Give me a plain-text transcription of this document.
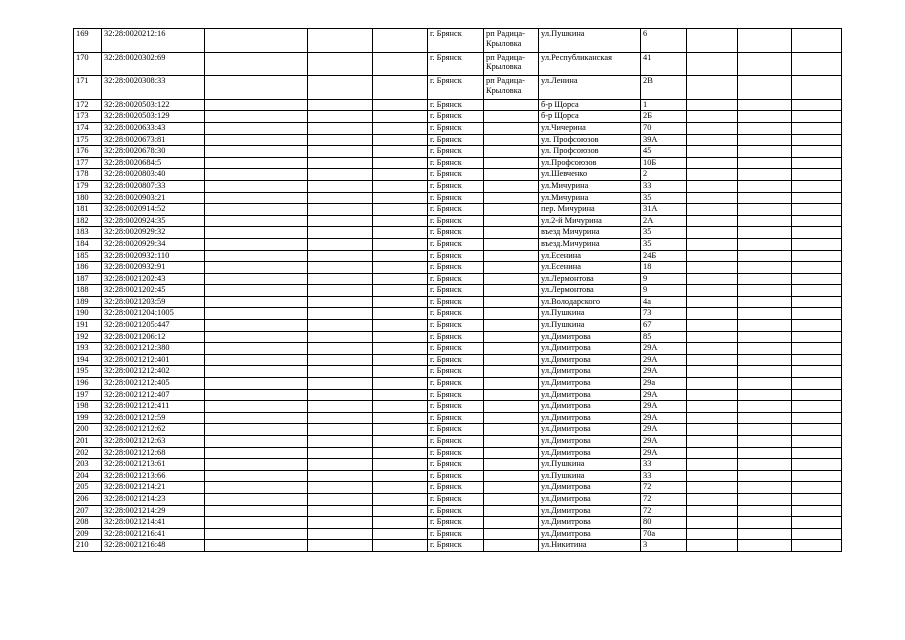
169	32:28:0020212:16				г. Брянск	рп Радица-Крыловка	ул.Пушкина	6			
170	32:28:0020302:69				г. Брянск	рп Радица-Крыловка	ул.Республиканская	41			
171	32:28:0020308:33				г. Брянск	рп Радица-Крыловка	ул.Ленина	2В			
172	32:28:0020503:122				г. Брянск		б-р Щорса	1			
173	32:28:0020503:129				г. Брянск		б-р Щорса	2Б			
174	32:28:0020633:43				г. Брянск		ул.Чичерина	70			
175	32:28:0020673:81				г. Брянск		ул. Профсоюзов	39А			
176	32:28:0020678:30				г. Брянск		ул. Профсоюзов	45			
177	32:28:0020684:5				г. Брянск		ул.Профсоюзов	10Б			
178	32:28:0020803:40				г. Брянск		ул.Шевченко	2			
179	32:28:0020807:33				г. Брянск		ул.Мичурина	33			
180	32:28:0020903:21				г. Брянск		ул.Мичурина	35			
181	32:28:0020914:52				г. Брянск		пер. Мичурина	31А			
182	32:28:0020924:35				г. Брянск		ул.2-й Мичурина	2А			
183	32:28:0020929:32				г. Брянск		въезд Мичурина	35			
184	32:28:0020929:34				г. Брянск		въезд.Мичурина	35			
185	32:28:0020932:110				г. Брянск		ул.Есенина	24Б			
186	32:28:0020932:91				г. Брянск		ул.Есенина	18			
187	32:28:0021202:43				г. Брянск		ул.Лермонтова	9			
188	32:28:0021202:45				г. Брянск		ул.Лермонтова	9			
189	32:28:0021203:59				г. Брянск		ул.Володарского	4а			
190	32:28:0021204:1005				г. Брянск		ул.Пушкина	73			
191	32:28:0021205:447				г. Брянск		ул.Пушкина	67			
192	32:28:0021206:12				г. Брянск		ул.Димитрова	85			
193	32:28:0021212:380				г. Брянск		ул.Димитрова	29А			
194	32:28:0021212:401				г. Брянск		ул.Димитрова	29А			
195	32:28:0021212:402				г. Брянск		ул.Димитрова	29А			
196	32:28:0021212:405				г. Брянск		ул.Димитрова	29а			
197	32:28:0021212:407				г. Брянск		ул.Димитрова	29А			
198	32:28:0021212:411				г. Брянск		ул.Димитрова	29А			
199	32:28:0021212:59				г. Брянск		ул.Димитрова	29А			
200	32:28:0021212:62				г. Брянск		ул.Димитрова	29А			
201	32:28:0021212:63				г. Брянск		ул.Димитрова	29А			
202	32:28:0021212:68				г. Брянск		ул.Димитрова	29А			
203	32:28:0021213:61				г. Брянск		ул.Пушкина	33			
204	32:28:0021213:66				г. Брянск		ул.Пушкина	33			
205	32:28:0021214:21				г. Брянск		ул.Димитрова	72			
206	32:28:0021214:23				г. Брянск		ул.Димитрова	72			
207	32:28:0021214:29				г. Брянск		ул.Димитрова	72			
208	32:28:0021214:41				г. Брянск		ул.Димитрова	80			
209	32:28:0021216:41				г. Брянск		ул.Димитрова	70а			
210	32:28:0021216:48				г. Брянск		ул.Никитина	3			
